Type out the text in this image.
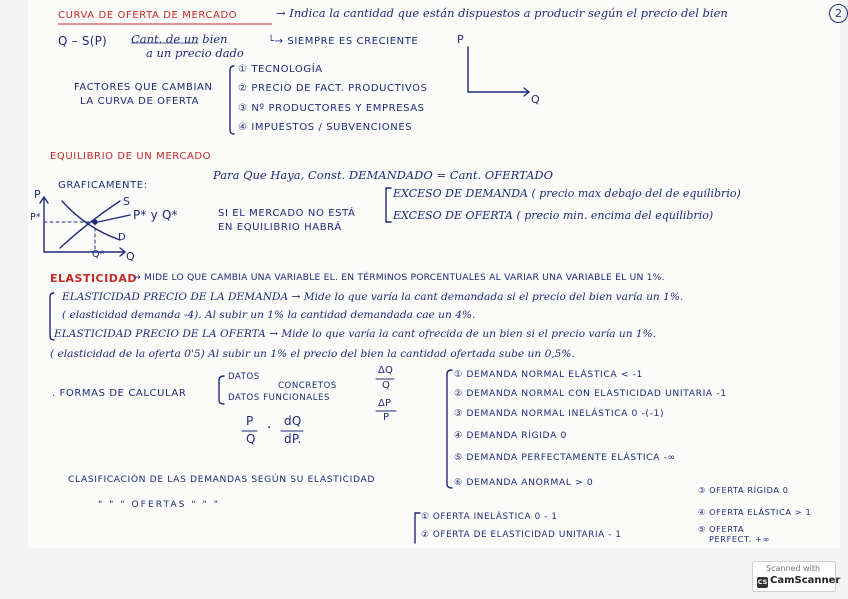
2
CURVA DE OFERTA DE MERCADO	→ Indica la cantidad que están dispuestos a producir según el precio del bien
Q – S(P) Cant. de un bien
a un precio dado
└→ SIEMPRE ES CRECIENTE
FACTORES QUE CAMBIAN
LA CURVA DE OFERTA
① TECNOLOGÍA
② PRECIO DE FACT. PRODUCTIVOS
③ Nº PRODUCTORES Y EMPRESAS
④ IMPUESTOS / SUBVENCIONES
P
Q
EQUILIBRIO DE UN MERCADO
GRAFICAMENTE:
Para Que Haya, Const. DEMANDADO = Cant. OFERTADO
P
P*
S
D
Q* Q
P* y Q*	SI EL MERCADO NO ESTÁ
EN EQUILIBRIO HABRÁ
EXCESO DE DEMANDA ( precio max debajo del de equilibrio)
EXCESO DE OFERTA ( precio min. encima del equilibrio)
ELASTICIDAD
→ MIDE LO QUE CAMBIA UNA VARIABLE EL. EN TÉRMINOS PORCENTUALES AL VARIAR UNA VARIABLE EL UN 1%.
ELASTICIDAD PRECIO DE LA DEMANDA → Mide lo que varía la cant demandada si el precio del bien varía un 1%.
( elasticidad demanda -4). Al subir un 1% la cantidad demandada cae un 4%.
ELASTICIDAD PRECIO DE LA OFERTA → Mide lo que varía la cant ofrecida de un bien si el precio varía un 1%.
( elasticidad de la oferta 0'5) Al subir un 1% el precio del bien la cantidad ofertada sube un 0,5%.
. FORMAS DE CALCULAR
DATOS
CONCRETOS
DATOS FUNCIONALES
ΔQ
Q
ΔP
P
P
Q
· dQ
dP.
① DEMANDA NORMAL ELÁSTICA < -1
② DEMANDA NORMAL CON ELASTICIDAD UNITARIA -1
③ DEMANDA NORMAL INELÁSTICA 0 -(-1)
④ DEMANDA RÍGIDA 0
⑤ DEMANDA PERFECTAMENTE ELÁSTICA -∞
⑥ DEMANDA ANORMAL > 0
CLASIFICACIÓN DE LAS DEMANDAS SEGÚN SU ELASTICIDAD
" " " OFERTAS " " "
① OFERTA INELÁSTICA 0 - 1
② OFERTA DE ELASTICIDAD UNITARIA - 1
③ OFERTA RÍGIDA 0
④ OFERTA ELÁSTICA > 1
⑤ OFERTA
PERFECT. +∞
Scanned with
CS CamScanner
